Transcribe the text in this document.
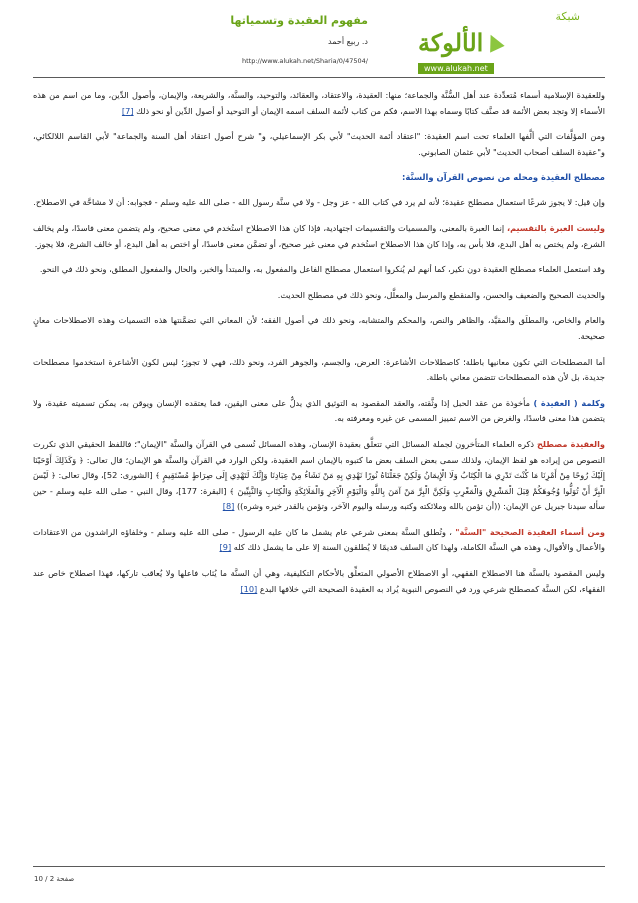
شبكة
الألوكة
www.alukah.net
مفهوم العقيدة وتسمياتها
د. ربيع أحمد
http://www.alukah.net/Sharia/0/47504/

وللعقيدة الإسلامية أسماء مُتعدِّدة عند أهل السُّنَّة والجماعة؛ منها: العقيدة، والاعتقاد، والعقائد، والتوحيد، والسنَّة، والشريعة، والإيمان، وأصول الدِّين، وما من اسم من هذه الأسماء إلا وتجد بعض الأئمة قد صنَّف كتابًا وسماه بهذا الاسم، فكم من كتاب لأئمة السلف اسمه الإيمان أو التوحيد أو أصول الدِّين أو نحو ذلك [7]

ومن المؤلَّفات التي ألَّفها العلماء تحت اسم العقيدة: "اعتقاد أئمة الحديث" لأبي بكر الإسماعيلي، و" شرح أصول اعتقاد أهل السنة والجماعة" لأبي القاسم اللالكائي، و"عقيدة السلف أصحاب الحديث" لأبي عثمان الصابوني.

مصطلح العقيدة ومحله من نصوص القرآن والسنَّة:

وإن قيل: لا يجوز شرعًا استعمال مصطلح عقيدة؛ لأنه لم يرد في كتاب الله - عز وجل - ولا في سنَّة رسول الله - صلى الله عليه وسلم - فجوابه: أن لا مشاحَّة في الاصطلاح.

وليست العبرة بالتقسيم، إنما العبرة بالمعنى، والمسميات والتقسيمات اجتهادية، فإذا كان هذا الاصطلاح استُخدم في معنى صحيح، ولم يتضمن معنى فاسدًا، ولم يخالف الشرع، ولم يختص به أهل البدع، فلا بأس به، وإذا كان هذا الاصطلاح استُخدم في معنى غير صحيح، أو تضمَّن معنى فاسدًا، أو اختص به أهل البدع، أو خالف الشرع، فلا يجوز.

وقد استعمل العلماء مصطلح العقيدة دون نكير، كما أنهم لم يُنكروا استعمال مصطلح الفاعل والمفعول به، والمبتدأ والخبر، والحال والمفعول المطلق، ونحو ذلك في النحو.

والحديث الصحيح والضعيف والحسن، والمنقطع والمرسل والمعلَّل، ونحو ذلك في مصطلح الحديث.

والعام والخاص، والمطلَق والمقيَّد، والظاهر والنص، والمحكم والمتشابه، ونحو ذلك في أصول الفقه؛ لأن المعاني التي تضمَّنتها هذه التسميات وهذه الاصطلاحات معانٍ صحيحة.

أما المصطلحات التي تكون معانيها باطلة؛ كاصطلاحات الأشاعرة: العرض، والجسم، والجوهر الفرد، ونحو ذلك، فهي لا تجوز؛ ليس لكون الأشاعرة استخدموا مصطلحات جديدة، بل لأن هذه المصطلحات تتضمن معاني باطلة.

وكلمة ( العقيدة ) مأخوذة من عقد الحبل إذا وثَّقته، والعقد المقصود به التوثيق الذي يدلُّ على معنى اليقين، فما يعتقده الإنسان ويوقن به، يمكن تسميته عقيدة، ولا يتضمن هذا معنى فاسدًا، والغرض من الاسم تمييز المسمى عن غيره ومعرفته به.

والعقيدة مصطلح ذكره العلماء المتأخرون لجملة المسائل التي تتعلَّق بعقيدة الإنسان، وهذه المسائل تُسمى في القرآن والسنَّة "الإيمان"؛ فاللفظ الحقيقي الذي تكررت النصوص من إيراده هو لفظ الإيمان، ولذلك سمى بعض السلف بعض ما كتبوه بالإيمان اسم العقيدة، ولكن الوارد في القرآن والسنَّة هو الإيمان؛ قال تعالى: ﴿ وَكَذَلِكَ أَوْحَيْنَا إِلَيْكَ رُوحًا مِنْ أَمْرِنَا مَا كُنْتَ تَدْرِي مَا الْكِتَابُ وَلَا الْإِيمَانُ وَلَكِنْ جَعَلْنَاهُ نُورًا نَهْدِي بِهِ مَنْ نَشَاءُ مِنْ عِبَادِنَا وَإِنَّكَ لَتَهْدِي إِلَى صِرَاطٍ مُسْتَقِيمٍ ﴾ [الشورى: 52]، وقال تعالى: ﴿ لَيْسَ الْبِرَّ أَنْ تُوَلُّوا وُجُوهَكُمْ قِبَلَ الْمَشْرِقِ وَالْمَغْرِبِ وَلَكِنَّ الْبِرَّ مَنْ آمَنَ بِاللَّهِ وَالْيَوْمِ الْآخِرِ وَالْمَلَائِكَةِ وَالْكِتَابِ وَالنَّبِيِّينَ ﴾ [البقرة: 177]، وقال النبي - صلى الله عليه وسلم - حين سأله سيدنا جبريل عن الإيمان: ((أن تؤمن بالله وملائكته وكتبه ورسله واليوم الآخر، وتؤمن بالقدر خيره وشره)) [8]

ومن أسماء العقيدة الصحيحة "السنَّة" ، وتُطلق السنَّة بمعنى شرعي عام يشمل ما كان عليه الرسول - صلى الله عليه وسلم - وخلفاؤه الراشدون من الاعتقادات والأعمال والأقوال، وهذه هي السنَّة الكاملة، ولهذا كان السلف قديمًا لا يُطلقون السنة إلا على ما يشمل ذلك كله [9]

وليس المقصود بالسنَّة هنا الاصطلاح الفقهي، أو الاصطلاح الأصولي المتعلِّق بالأحكام التكليفية، وهي أن السنَّة ما يُثاب فاعلها ولا يُعاقب تاركها، فهذا اصطلاح خاص عند الفقهاء، لكن السنَّة كمصطلح شرعي ورد في النصوص النبوية يُراد به العقيدة الصحيحة التي خلافها البدع [10]

صفحة 2 / 10
